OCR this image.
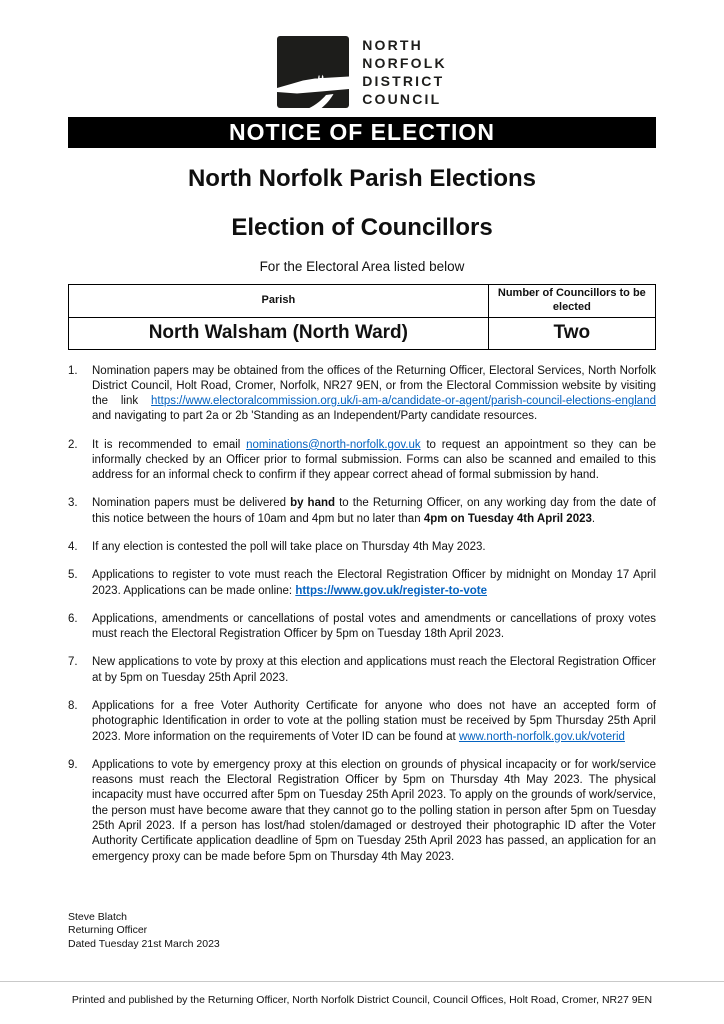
NORTH
NORFOLK
DISTRICT
COUNCIL
NOTICE OF ELECTION
North Norfolk Parish Elections
Election of Councillors
For the Electoral Area listed below
Parish	Number of Councillors to be elected
North Walsham (North Ward)	Two
1.	Nomination papers may be obtained from the offices of the Returning Officer, Electoral Services, North Norfolk District Council, Holt Road, Cromer, Norfolk, NR27 9EN, or from the Electoral Commission website by visiting the link https://www.electoralcommission.org.uk/i-am-a/candidate-or-agent/parish-council-elections-england and navigating to part 2a or 2b 'Standing as an Independent/Party candidate resources.
2.	It is recommended to email nominations@north-norfolk.gov.uk to request an appointment so they can be informally checked by an Officer prior to formal submission. Forms can also be scanned and emailed to this address for an informal check to confirm if they appear correct ahead of formal submission by hand.
3.	Nomination papers must be delivered by hand to the Returning Officer, on any working day from the date of this notice between the hours of 10am and 4pm but no later than 4pm on Tuesday 4th April 2023.
4.	If any election is contested the poll will take place on Thursday 4th May 2023.
5.	Applications to register to vote must reach the Electoral Registration Officer by midnight on Monday 17 April 2023. Applications can be made online: https://www.gov.uk/register-to-vote
6.	Applications, amendments or cancellations of postal votes and amendments or cancellations of proxy votes must reach the Electoral Registration Officer by 5pm on Tuesday 18th April 2023.
7.	New applications to vote by proxy at this election and applications must reach the Electoral Registration Officer at by 5pm on Tuesday 25th April 2023.
8.	Applications for a free Voter Authority Certificate for anyone who does not have an accepted form of photographic Identification in order to vote at the polling station must be received by 5pm Thursday 25th April 2023. More information on the requirements of Voter ID can be found at www.north-norfolk.gov.uk/voterid
9.	Applications to vote by emergency proxy at this election on grounds of physical incapacity or for work/service reasons must reach the Electoral Registration Officer by 5pm on Thursday 4th May 2023. The physical incapacity must have occurred after 5pm on Tuesday 25th April 2023. To apply on the grounds of work/service, the person must have become aware that they cannot go to the polling station in person after 5pm on Tuesday 25th April 2023. If a person has lost/had stolen/damaged or destroyed their photographic ID after the Voter Authority Certificate application deadline of 5pm on Tuesday 25th April 2023 has passed, an application for an emergency proxy can be made before 5pm on Thursday 4th May 2023.
Steve Blatch
Returning Officer
Dated Tuesday 21st March 2023
Printed and published by the Returning Officer, North Norfolk District Council, Council Offices, Holt Road, Cromer, NR27 9EN
